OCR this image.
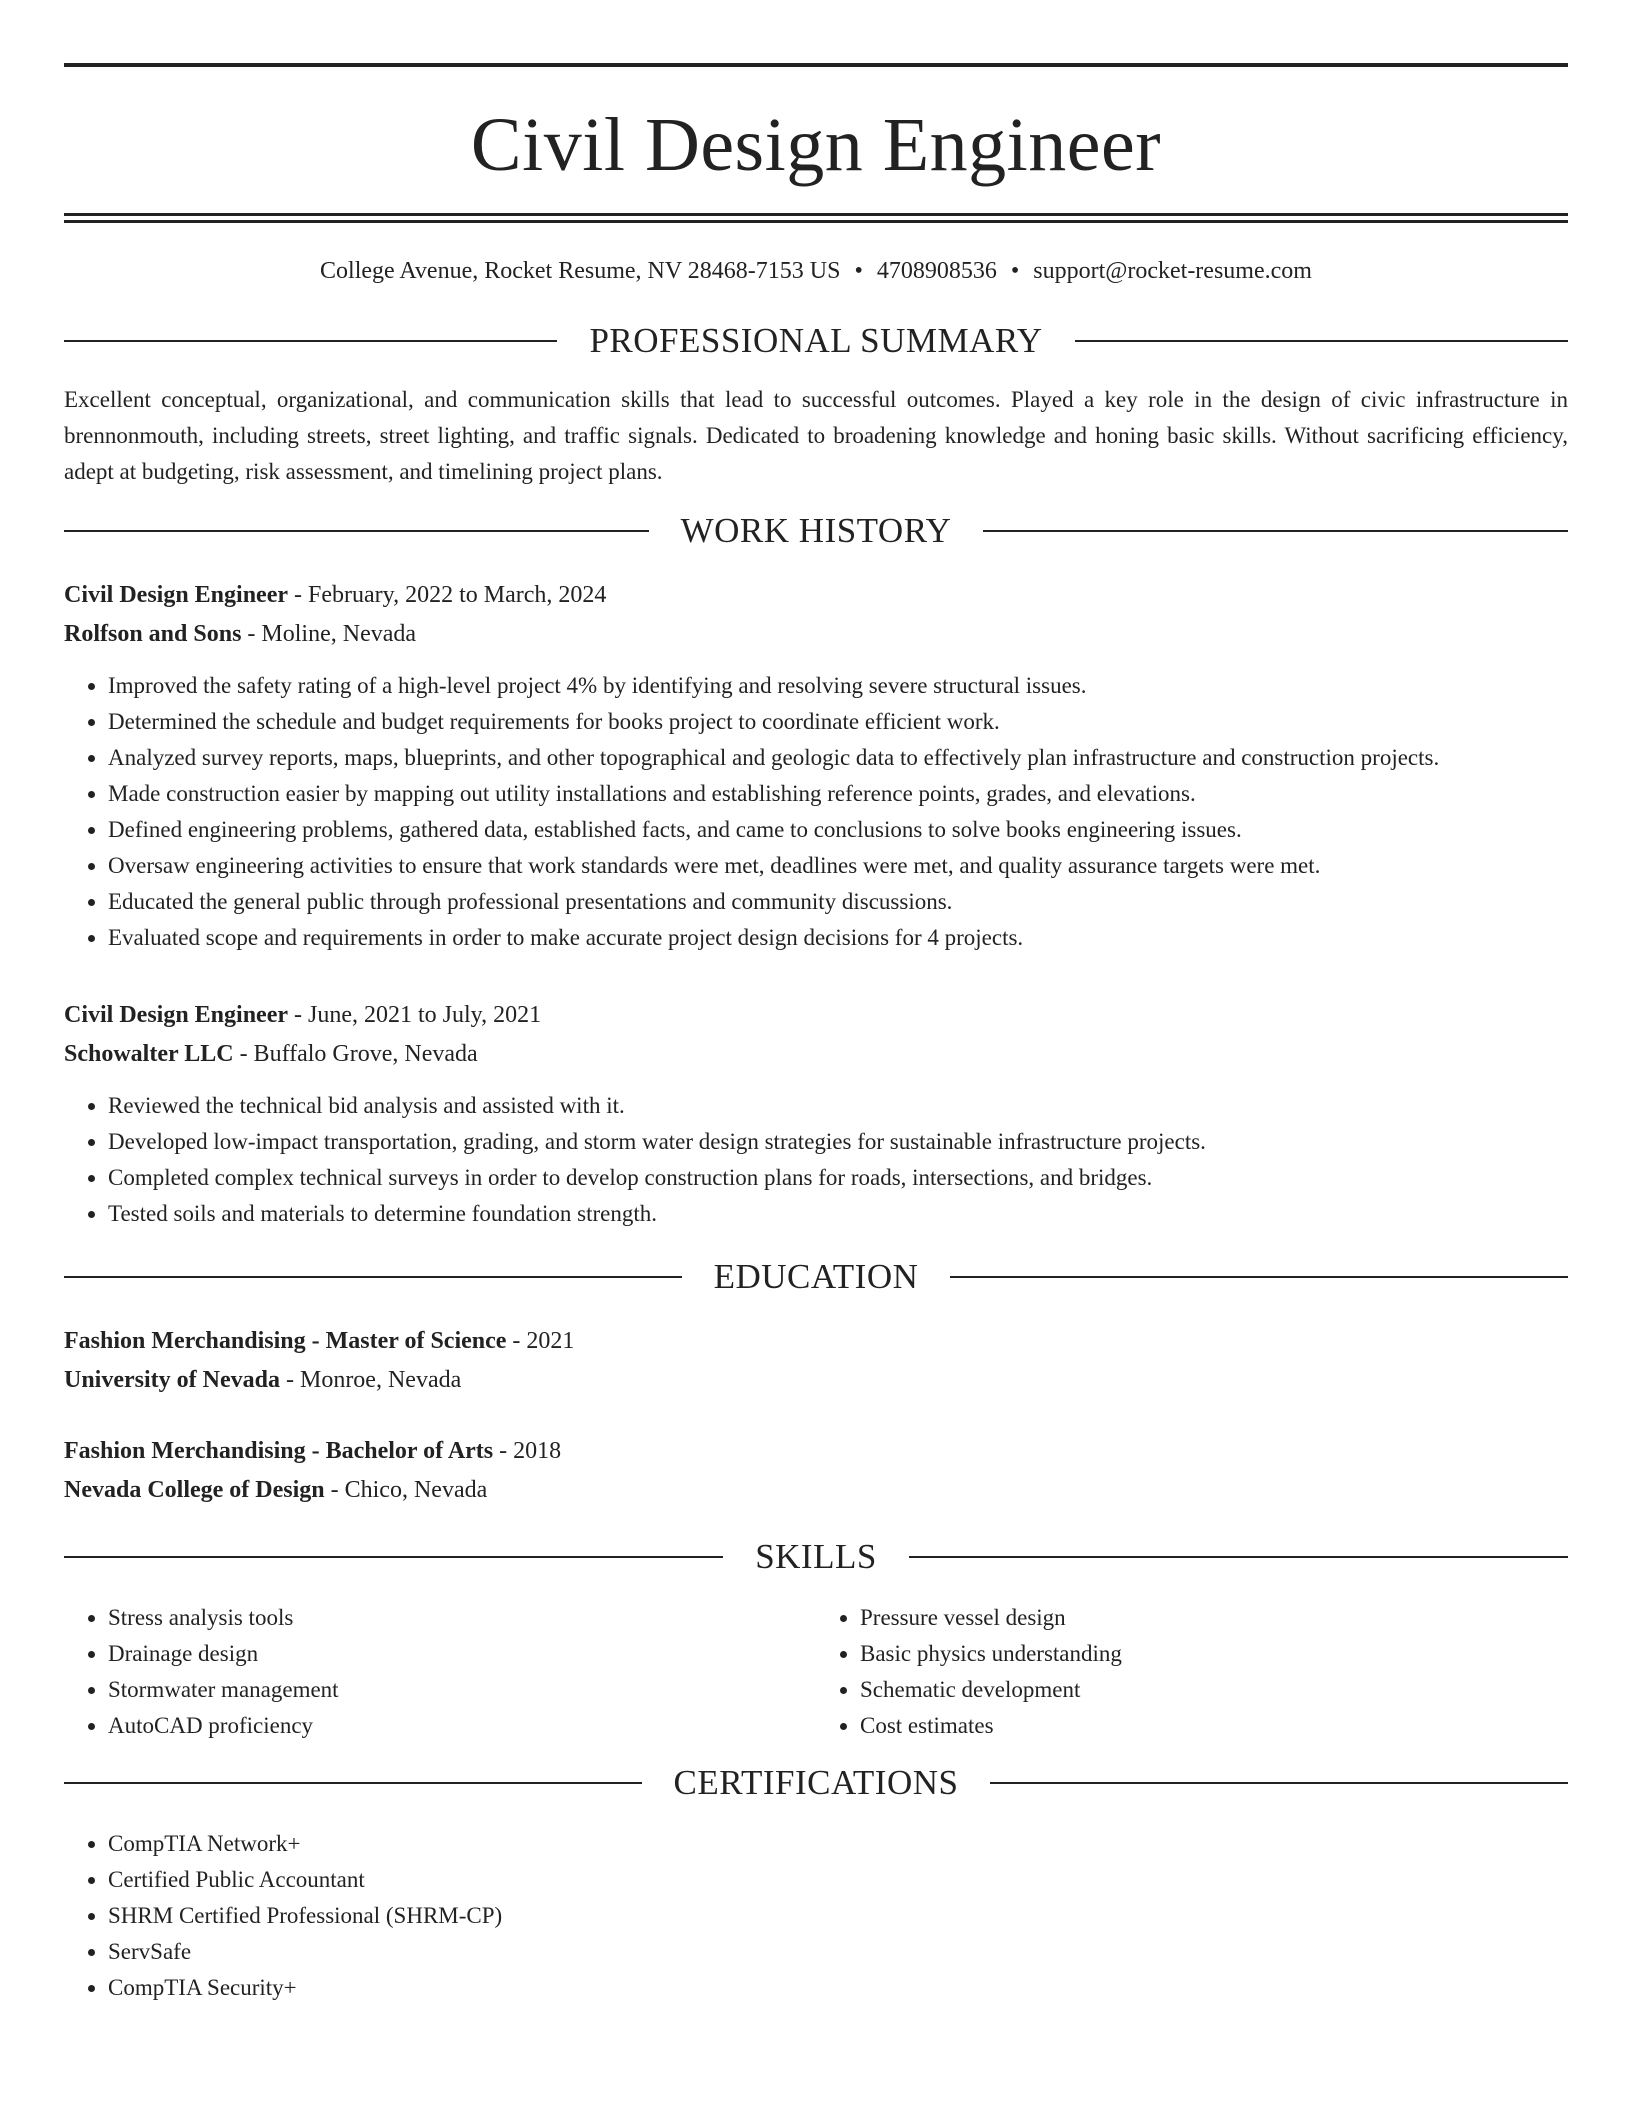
Civil Design Engineer
College Avenue, Rocket Resume, NV 28468-7153 US • 4708908536 • support@rocket-resume.com
PROFESSIONAL SUMMARY
Excellent conceptual, organizational, and communication skills that lead to successful outcomes. Played a key role in the design of civic infrastructure in brennonmouth, including streets, street lighting, and traffic signals. Dedicated to broadening knowledge and honing basic skills. Without sacrificing efficiency, adept at budgeting, risk assessment, and timelining project plans.
WORK HISTORY
Civil Design Engineer - February, 2022 to March, 2024
Rolfson and Sons - Moline, Nevada
• Improved the safety rating of a high-level project 4% by identifying and resolving severe structural issues.
• Determined the schedule and budget requirements for books project to coordinate efficient work.
• Analyzed survey reports, maps, blueprints, and other topographical and geologic data to effectively plan infrastructure and construction projects.
• Made construction easier by mapping out utility installations and establishing reference points, grades, and elevations.
• Defined engineering problems, gathered data, established facts, and came to conclusions to solve books engineering issues.
• Oversaw engineering activities to ensure that work standards were met, deadlines were met, and quality assurance targets were met.
• Educated the general public through professional presentations and community discussions.
• Evaluated scope and requirements in order to make accurate project design decisions for 4 projects.
Civil Design Engineer - June, 2021 to July, 2021
Schowalter LLC - Buffalo Grove, Nevada
• Reviewed the technical bid analysis and assisted with it.
• Developed low-impact transportation, grading, and storm water design strategies for sustainable infrastructure projects.
• Completed complex technical surveys in order to develop construction plans for roads, intersections, and bridges.
• Tested soils and materials to determine foundation strength.
EDUCATION
Fashion Merchandising - Master of Science - 2021
University of Nevada - Monroe, Nevada
Fashion Merchandising - Bachelor of Arts - 2018
Nevada College of Design - Chico, Nevada
SKILLS
• Stress analysis tools
• Drainage design
• Stormwater management
• AutoCAD proficiency
• Pressure vessel design
• Basic physics understanding
• Schematic development
• Cost estimates
CERTIFICATIONS
• CompTIA Network+
• Certified Public Accountant
• SHRM Certified Professional (SHRM-CP)
• ServSafe
• CompTIA Security+
